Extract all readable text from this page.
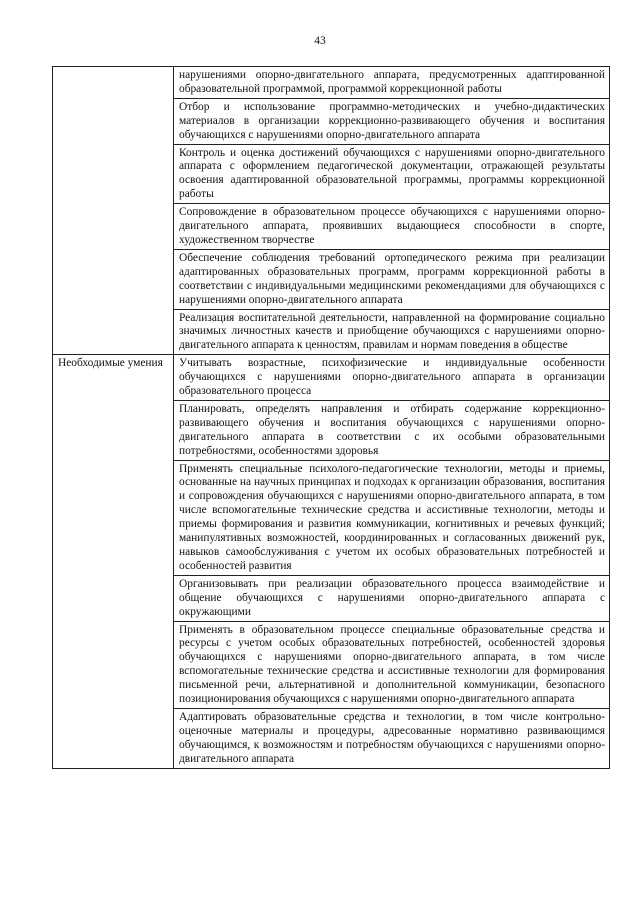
43
	нарушениями опорно-двигательного аппарата, предусмотренных адаптированной образовательной программой, программой коррекционной работы
	Отбор и использование программно-методических и учебно-дидактических материалов в организации коррекционно-развивающего обучения и воспитания обучающихся с нарушениями опорно-двигательного аппарата
	Контроль и оценка достижений обучающихся с нарушениями опорно-двигательного аппарата с оформлением педагогической документации, отражающей результаты освоения адаптированной образовательной программы, программы коррекционной работы
	Сопровождение в образовательном процессе обучающихся с нарушениями опорно-двигательного аппарата, проявивших выдающиеся способности в спорте, художественном творчестве
	Обеспечение соблюдения требований ортопедического режима при реализации адаптированных образовательных программ, программ коррекционной работы в соответствии с индивидуальными медицинскими рекомендациями для обучающихся с нарушениями опорно-двигательного аппарата
	Реализация воспитательной деятельности, направленной на формирование социально значимых личностных качеств и приобщение обучающихся с нарушениями опорно-двигательного аппарата к ценностям, правилам и нормам поведения в обществе
Необходимые умения	Учитывать возрастные, психофизические и индивидуальные особенности обучающихся с нарушениями опорно-двигательного аппарата в организации образовательного процесса
	Планировать, определять направления и отбирать содержание коррекционно-развивающего обучения и воспитания обучающихся с нарушениями опорно-двигательного аппарата в соответствии с их особыми образовательными потребностями, особенностями здоровья
	Применять специальные психолого-педагогические технологии, методы и приемы, основанные на научных принципах и подходах к организации образования, воспитания и сопровождения обучающихся с нарушениями опорно-двигательного аппарата, в том числе вспомогательные технические средства и ассистивные технологии, методы и приемы формирования и развития коммуникации, когнитивных и речевых функций; манипулятивных возможностей, координированных и согласованных движений рук, навыков самообслуживания с учетом их особых образовательных потребностей и особенностей развития
	Организовывать при реализации образовательного процесса взаимодействие и общение обучающихся с нарушениями опорно-двигательного аппарата с окружающими
	Применять в образовательном процессе специальные образовательные средства и ресурсы с учетом особых образовательных потребностей, особенностей здоровья обучающихся с нарушениями опорно-двигательного аппарата, в том числе вспомогательные технические средства и ассистивные технологии для формирования письменной речи, альтернативной и дополнительной коммуникации, безопасного позиционирования обучающихся с нарушениями опорно-двигательного аппарата
	Адаптировать образовательные средства и технологии, в том числе контрольно-оценочные материалы и процедуры, адресованные нормативно развивающимся обучающимся, к возможностям и потребностям обучающихся с нарушениями опорно-двигательного аппарата
